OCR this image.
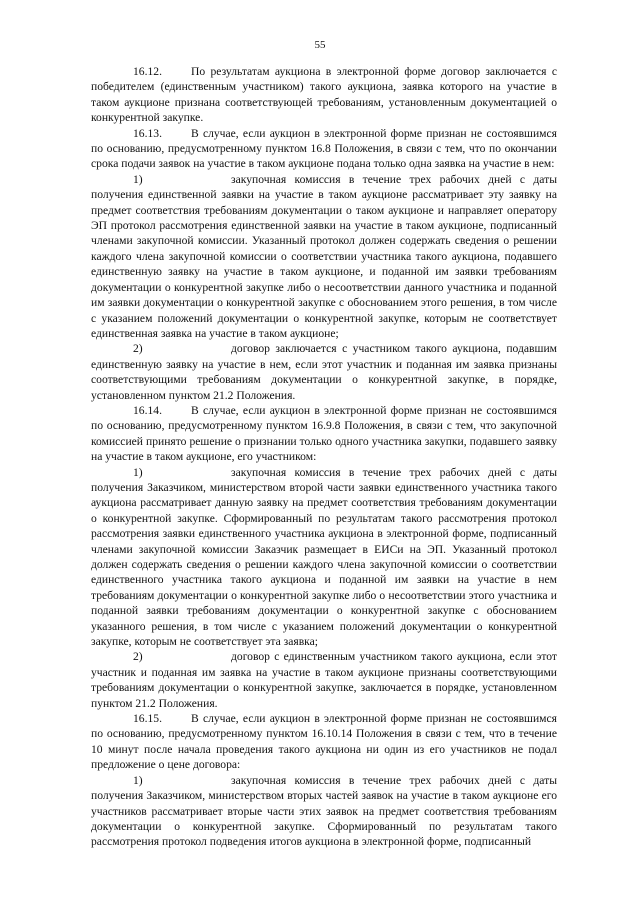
55

16.12.	По результатам аукциона в электронной форме договор заключается с победителем (единственным участником) такого аукциона, заявка которого на участие в таком аукционе признана соответствующей требованиям, установленным документацией о конкурентной закупке.

16.13.	В случае, если аукцион в электронной форме признан не состоявшимся по основанию, предусмотренному пунктом 16.8 Положения, в связи с тем, что по окончании срока подачи заявок на участие в таком аукционе подана только одна заявка на участие в нем:

1)	закупочная комиссия в течение трех рабочих дней с даты получения единственной заявки на участие в таком аукционе рассматривает эту заявку на предмет соответствия требованиям документации о таком аукционе и направляет оператору ЭП протокол рассмотрения единственной заявки на участие в таком аукционе, подписанный членами закупочной комиссии. Указанный протокол должен содержать сведения о решении каждого члена закупочной комиссии о соответствии участника такого аукциона, подавшего единственную заявку на участие в таком аукционе, и поданной им заявки требованиям документации о конкурентной закупке либо о несоответствии данного участника и поданной им заявки документации о конкурентной закупке с обоснованием этого решения, в том числе с указанием положений документации о конкурентной закупке, которым не соответствует единственная заявка на участие в таком аукционе;

2)	договор заключается с участником такого аукциона, подавшим единственную заявку на участие в нем, если этот участник и поданная им заявка признаны соответствующими требованиям документации о конкурентной закупке, в порядке, установленном пунктом 21.2 Положения.

16.14.	В случае, если аукцион в электронной форме признан не состоявшимся по основанию, предусмотренному пунктом 16.9.8 Положения, в связи с тем, что закупочной комиссией принято решение о признании только одного участника закупки, подавшего заявку на участие в таком аукционе, его участником:

1)	закупочная комиссия в течение трех рабочих дней с даты получения Заказчиком, министерством второй части заявки единственного участника такого аукциона рассматривает данную заявку на предмет соответствия требованиям документации о конкурентной закупке. Сформированный по результатам такого рассмотрения протокол рассмотрения заявки единственного участника аукциона в электронной форме, подписанный членами закупочной комиссии Заказчик размещает в ЕИСи на ЭП. Указанный протокол должен содержать сведения о решении каждого члена закупочной комиссии о соответствии единственного участника такого аукциона и поданной им заявки на участие в нем требованиям документации о конкурентной закупке либо о несоответствии этого участника и поданной заявки требованиям документации о конкурентной закупке с обоснованием указанного решения, в том числе с указанием положений документации о конкурентной закупке, которым не соответствует эта заявка;

2)	договор с единственным участником такого аукциона, если этот участник и поданная им заявка на участие в таком аукционе признаны соответствующими требованиям документации о конкурентной закупке, заключается в порядке, установленном пунктом 21.2 Положения.

16.15.	В случае, если аукцион в электронной форме признан не состоявшимся по основанию, предусмотренному пунктом 16.10.14 Положения в связи с тем, что в течение 10 минут после начала проведения такого аукциона ни один из его участников не подал предложение о цене договора:

1)	закупочная комиссия в течение трех рабочих дней с даты получения Заказчиком, министерством вторых частей заявок на участие в таком аукционе его участников рассматривает вторые части этих заявок на предмет соответствия требованиям документации о конкурентной закупке. Сформированный по результатам такого рассмотрения протокол подведения итогов аукциона в электронной форме, подписанный
